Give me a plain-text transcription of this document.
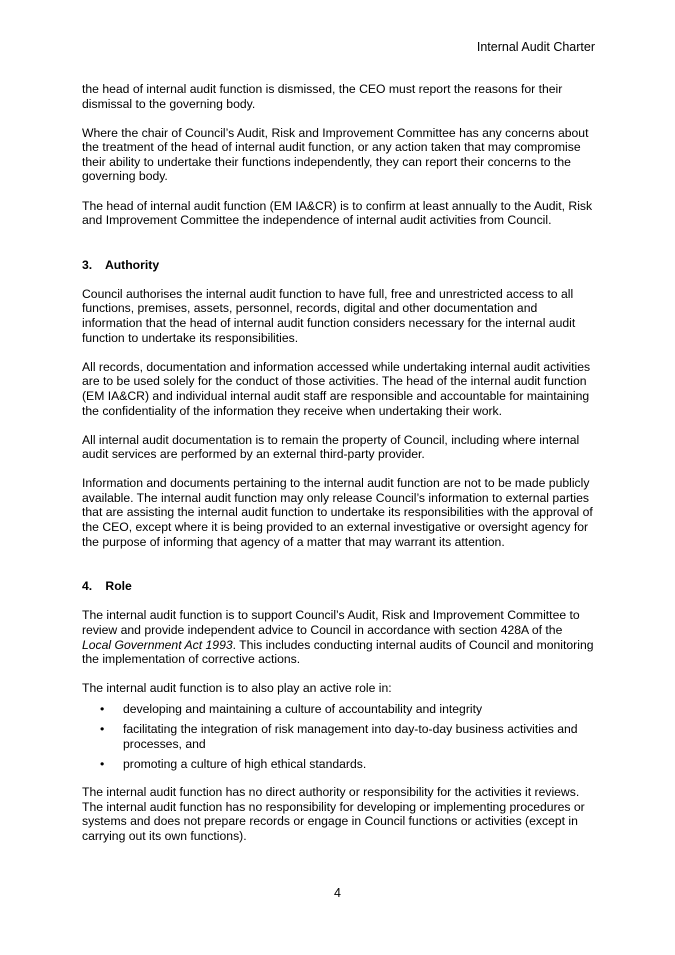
Internal Audit Charter

the head of internal audit function is dismissed, the CEO must report the reasons for their dismissal to the governing body.

Where the chair of Council’s Audit, Risk and Improvement Committee has any concerns about the treatment of the head of internal audit function, or any action taken that may compromise their ability to undertake their functions independently, they can report their concerns to the governing body.

The head of internal audit function (EM IA&CR) is to confirm at least annually to the Audit, Risk and Improvement Committee the independence of internal audit activities from Council.

3. Authority

Council authorises the internal audit function to have full, free and unrestricted access to all functions, premises, assets, personnel, records, digital and other documentation and information that the head of internal audit function considers necessary for the internal audit function to undertake its responsibilities.

All records, documentation and information accessed while undertaking internal audit activities are to be used solely for the conduct of those activities. The head of the internal audit function (EM IA&CR) and individual internal audit staff are responsible and accountable for maintaining the confidentiality of the information they receive when undertaking their work.

All internal audit documentation is to remain the property of Council, including where internal audit services are performed by an external third-party provider.

Information and documents pertaining to the internal audit function are not to be made publicly available. The internal audit function may only release Council’s information to external parties that are assisting the internal audit function to undertake its responsibilities with the approval of the CEO, except where it is being provided to an external investigative or oversight agency for the purpose of informing that agency of a matter that may warrant its attention.

4. Role

The internal audit function is to support Council’s Audit, Risk and Improvement Committee to review and provide independent advice to Council in accordance with section 428A of the Local Government Act 1993. This includes conducting internal audits of Council and monitoring the implementation of corrective actions.

The internal audit function is to also play an active role in:

• developing and maintaining a culture of accountability and integrity
• facilitating the integration of risk management into day-to-day business activities and processes, and
• promoting a culture of high ethical standards.

The internal audit function has no direct authority or responsibility for the activities it reviews. The internal audit function has no responsibility for developing or implementing procedures or systems and does not prepare records or engage in Council functions or activities (except in carrying out its own functions).

4
